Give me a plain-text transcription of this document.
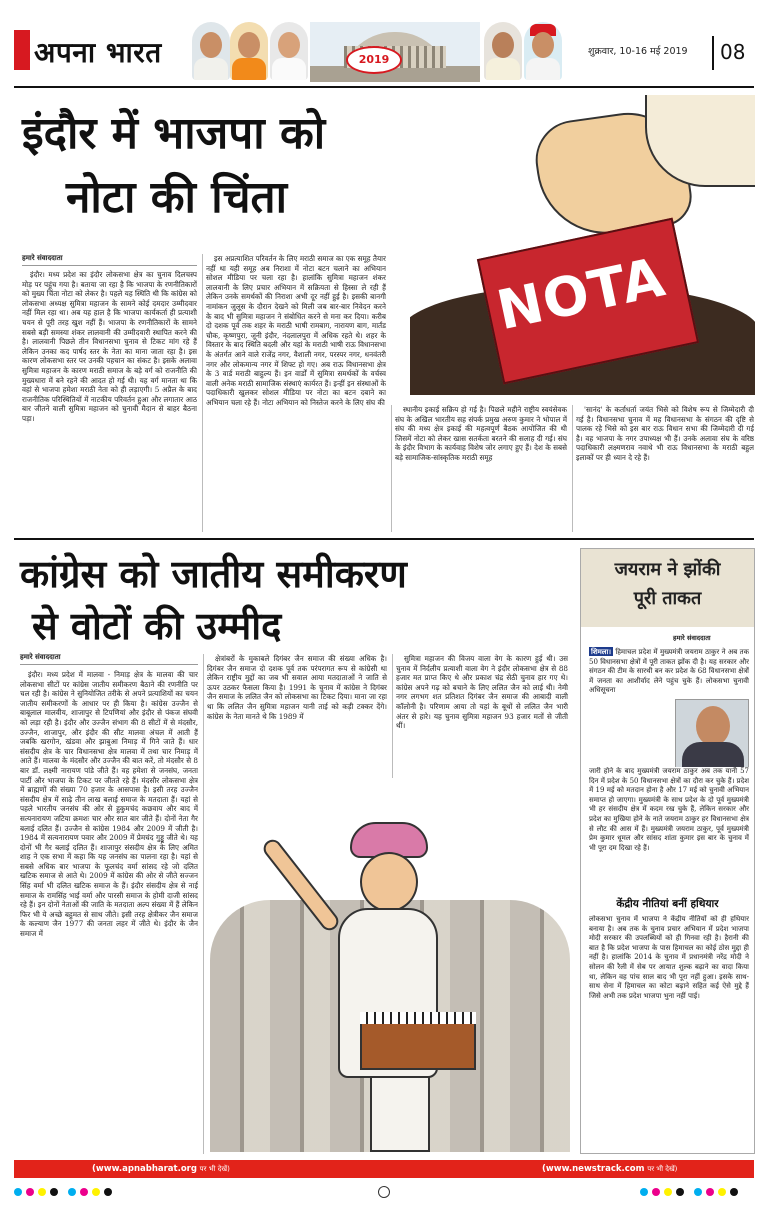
अपना भारत	2019
शुक्रवार, 10-16 मई 2019 08
इंदौर में भाजपा को
नोटा की चिंता
NOTA
हमारे संवाददाता

इंदौर। मध्य प्रदेश का इंदौर लोकसभा क्षेत्र का चुनाव दिलचस्प मोड़ पर पहुंच गया है। बताया जा रहा है कि भाजपा के रणनीतिकारों को मुख्य चिंता नोटा को लेकर है। पहले यह स्थिति थी कि कांग्रेस को लोकसभा अध्यक्ष सुमित्रा महाजन के सामने कोई दमदार उम्मीदवार नहीं मिल रहा था। अब यह हाल है कि भाजपा कार्यकर्ता ही प्रत्याशी चयन से पूरी तरह खुश नहीं हैं। भाजपा के रणनीतिकारों के सामने सबसे बड़ी समस्या शंकर लालवानी की उम्मीदवारी स्थापित करने की है। लालवानी पिछले तीन विधानसभा चुनाव से टिकट मांग रहे हैं लेकिन उनका कद पार्षद स्तर के नेता का माना जाता रहा है। इस कारण लोकसभा स्तर पर उनकी पहचान का संकट है। इसके अलावा सुमित्रा महाजन के कारण मराठी समाज के बड़े वर्ग को राजनीति की मुख्यधारा में बने रहने की आदत हो गई थी। यह वर्ग मानता था कि वहां से भाजपा हमेशा मराठी नेता को ही लड़ाएगी। 5 अप्रैल के बाद राजनीतिक परिस्थितियों में नाटकीय परिवर्तन हुआ और लगातार आठ बार जीतने वाली सुमित्रा महाजन को चुनावी मैदान से बाहर बैठना पड़ा।

इस अप्रत्याशित परिवर्तन के लिए मराठी समाज का एक समूह तैयार नहीं था यही समूह अब निराशा में नोटा बटन चलाने का अभियान सोशल मीडिया पर चला रहा है। हालांकि सुमित्रा महाजन शंकर लालवानी के लिए प्रचार अभियान में सक्रियता से हिस्सा ले रही हैं लेकिन उनके समर्थकों की निराशा अभी दूर नहीं हुई है। इसकी बानगी नामांकन जुलूस के दौरान देखने को मिली जब बार-बार निवेदन करने के बाद भी सुमित्रा महाजन ने संबोधित करने से मना कर दिया। करीब दो दशक पूर्व तक शहर के मराठी भाषी रामबाग, नारायण बाग, मार्तंड चौक, कृष्णपुरा, जूनी इंदौर, नंदलालपुरा में अधिक रहते थे। शहर के विस्तार के बाद स्थिति बदली और यहां के मराठी भाषी राऊ विधानसभा के अंतर्गत आने वाले राजेंद्र नगर, वैशाली नगर, परस्पर नगर, धनवंतरी नगर और लोकमान्य नगर में शिफ्ट हो गए। अब राऊ विधानसभा क्षेत्र के 3 वार्ड मराठी बाहुल्य हैं। इन वार्डों में सुमित्रा समर्थकों के वर्चस्व वाली अनेक मराठी सामाजिक संस्थाएं कार्यरत हैं। इन्हीं इन संस्थाओं के पदाधिकारी खुलकर सोशल मीडिया पर नोटा का बटन दबाने का अभियान चला रहे हैं। नोटा अभियान को निस्तेज करने के लिए संघ की

स्थानीय इकाई सक्रिय हो गई है। पिछले महीने राष्ट्रीय स्वयंसेवक संघ के अखिल भारतीय सह संपर्क प्रमुख अरुण कुमार ने भोपाल में संघ की मध्य क्षेत्र इकाई की महत्वपूर्ण बैठक आयोजित की थी जिसमें नोटा को लेकर खास सतर्कता बरतने की सलाह दी गई। संघ के इंदौर विभाग के कार्यवाह विशेष जोर लगाए हुए हैं। देश के सबसे बड़े सामाजिक-सांस्कृतिक मराठी समूह

'सानंद' के कर्ताधर्ता जयंत भिसे को विशेष रूप से जिम्मेदारी दी गई है। विधानसभा चुनाव में मह विधानसभा के संगठन की दृष्टि से पालक रहे भिसे को इस बार राऊ विधान सभा की जिम्मेदारी दी गई है। वह भाजपा के नगर उपाध्यक्ष भी हैं। उनके अलावा संघ के वरिष्ठ पदाधिकारी लक्ष्मणराव नवाथे भी राऊ विधानसभा के मराठी बहुल इलाकों पर ही ध्यान दे रहे हैं।

कांग्रेस को जातीय समीकरण
से वोटों की उम्मीद
हमारे संवाददाता

इंदौर। मध्य प्रदेश में मालवा - निमाड़ क्षेत्र के मालवा की चार लोकसभा सीटों पर कांग्रेस जातीय समीकरण बैठाने की रणनीति पर चल रही है। कांग्रेस ने सुनियोजित तरीके से अपने प्रत्याशियों का चयन जातीय समीकरणों के आधार पर ही किया है। कांग्रेस उज्जैन से बाबूलाल मालवीय, शाजापुर से टिपणियां और इंदौर से पंकज संघवी को लड़ा रही है। इंदौर और उज्जैन संभाग की 8 सीटों में से मंदसौर, उज्जैन, शाजापुर, और इंदौर की सीट मालवा अंचल में आती हैं जबकि खरगोन, खंडवा और झाबुआ निमाड़ में गिने जाते हैं। धार संसदीय क्षेत्र के चार विधानसभा क्षेत्र मालवा में तथा चार निमाड़ में आते हैं। मालवा के मंदसौर और उज्जैन की बात करें, तो मंदसौर से 8 बार डॉ. लक्ष्मी नारायण पांडे जीते हैं। वह हमेशा से जनसंघ, जनता पार्टी और भाजपा के टिकट पर जीतते रहे हैं। मंदसौर लोकसभा क्षेत्र में ब्राह्मणों की संख्या 70 हजार के आसपास है। इसी तरह उज्जैन संसदीय क्षेत्र में साढ़े तीन लाख बलाई समाज के मतदाता हैं। यहां से पहले भारतीय जनसंघ की ओर से हुकुमचंद कछवाय और बाद में सत्यनारायण जटिया क्रमशः चार और सात बार जीते हैं। दोनों नेता गैर बलाई दलित हैं। उज्जैन से कांग्रेस 1984 और 2009 में जीती है। 1984 में सत्यनारायण पवार और 2009 में प्रेमचंद गुड्डू जीते थे। यह दोनों भी गैर बलाई दलित हैं। शाजापुर संसदीय क्षेत्र के लिए अमित शाह ने एक सभा में कहा कि यह जनसंघ का पालना रहा है। यहां से सबसे अधिक बार भाजपा के फूलचंद वर्मा सांसद रहे जो दलित खटिक समाज से आते थे। 2009 में कांग्रेस की ओर से जीते सज्जन सिंह वर्मा भी दलित खटिक समाज के हैं। इंदौर संसदीय क्षेत्र से नाई समाज के रामसिंह भाई वर्मा और पारसी समाज के होमी दाजी सांसद रहे हैं। इन दोनों नेताओं की जाति के मतदाता अल्प संख्या में हैं लेकिन फिर भी ये अच्छे बहुमत से साथ जीते। इसी तरह क्षेत्रीकर जैन समाज के कल्याण जैन 1977 की जनता लहर में जीते थे। इंदौर के जैन समाज में

क्षेत्रांबरों के मुकाबले दिगंबर जैन समाज की संख्या अधिक है। दिगंबर जैन समाज दो दशक पूर्व तक परंपरागत रूप से कांग्रेसी था लेकिन राष्ट्रीय मुद्दों का जब भी सवाल आया मतदाताओं ने जाति से ऊपर उठकर फैसला किया है। 1991 के चुनाव में कांग्रेस ने दिगंबर जैन समाज के ललित जैन को लोकसभा का टिकट दिया। माना जा रहा था कि ललित जैन सुमित्रा महाजन यानी ताई को कड़ी टक्कर देंगे। कांग्रेस के नेता मानते थे कि 1989 में

सुमित्रा महाजन की विजय वाला वेग के कारण हुई थी। उस चुनाव में निर्दलीय प्रत्याशी वाला वेग ने इंदौर लोकसभा क्षेत्र से 88 हजार मत प्राप्त किए थे और प्रकाश चंद्र सेठी चुनाव हार गए थे। कांग्रेस अपने गढ़ को बचाने के लिए ललित जैन को लाई थी। नेमी नगर लगभग शत प्रतिशत दिगंबर जैन समाज की आबादी वाली कॉलोनी है। परिणाम आया तो यहां के बूथों से ललित जैन भारी अंतर से हारे। यह चुनाव सुमित्रा महाजन 93 हजार मतों से जीती थीं।

जयराम ने झोंकी
पूरी ताकत
हमारे संवाददाता
शिमला। हिमाचल प्रदेश में मुख्यमंत्री जयराम ठाकुर ने अब तक 50 विधानसभा क्षेत्रों में पूरी ताकत झोंक दी है। यह सरकार और संगठन की टीम के सारथी बन कर प्रदेश के 68 विधानसभा क्षेत्रों में जनता का आशीर्वाद लेने पहुंच चुके हैं। लोकसभा चुनावी अधिसूचना
जारी होने के बाद मुख्यमंत्री जयराम ठाकुर अब तक यानी 57 दिन में प्रदेश के 50 विधानसभा क्षेत्रों का दौरा कर चुके हैं। प्रदेश में 19 मई को मतदान होना है और 17 मई को चुनावी अभियान समाप्त हो जाएगा। मुख्यमंत्री के साथ प्रदेश के दो पूर्व मुख्यमंत्री भी हर संसदीय क्षेत्र में कदम रख चुके हैं, लेकिन सरकार और प्रदेश का मुखिया होने के नाते जयराम ठाकुर हर विधानसभा क्षेत्र से लौट की आस में हैं। मुख्यमंत्री जयराम ठाकुर, पूर्व मुख्यमंत्री प्रेम कुमार धूमल और सांसद शांता कुमार इस बार के चुनाव में भी पूरा दम दिखा रहे हैं।
केंद्रीय नीतियां बनीं हथियार
लोकसभा चुनाव में भाजपा ने केंद्रीय नीतियों को ही हथियार बनाया है। अब तक के चुनाव प्रचार अभियान में प्रदेश भाजपा मोदी सरकार की उपलब्धियों को ही गिनवा रही है। हैरानी की बात है कि प्रदेश भाजपा के पास हिमाचल का कोई ठोस मुद्दा ही नहीं है। हालांकि 2014 के चुनाव में प्रधानमंत्री नरेंद्र मोदी ने सोलन की रैली में सेब पर आयात शुल्क बढ़ाने का वादा किया था, लेकिन वह पांच साल बाद भी पूरा नहीं हुआ। इसके साथ-साथ सेना में हिमाचल का कोटा बढ़ाने सहित कई ऐसे मुद्दे हैं जिसे अभी तक प्रदेश भाजपा भुना नहीं पाई।
(www.apnabharat.org पर भी देखें)	(www.newstrack.com पर भी देखें)
